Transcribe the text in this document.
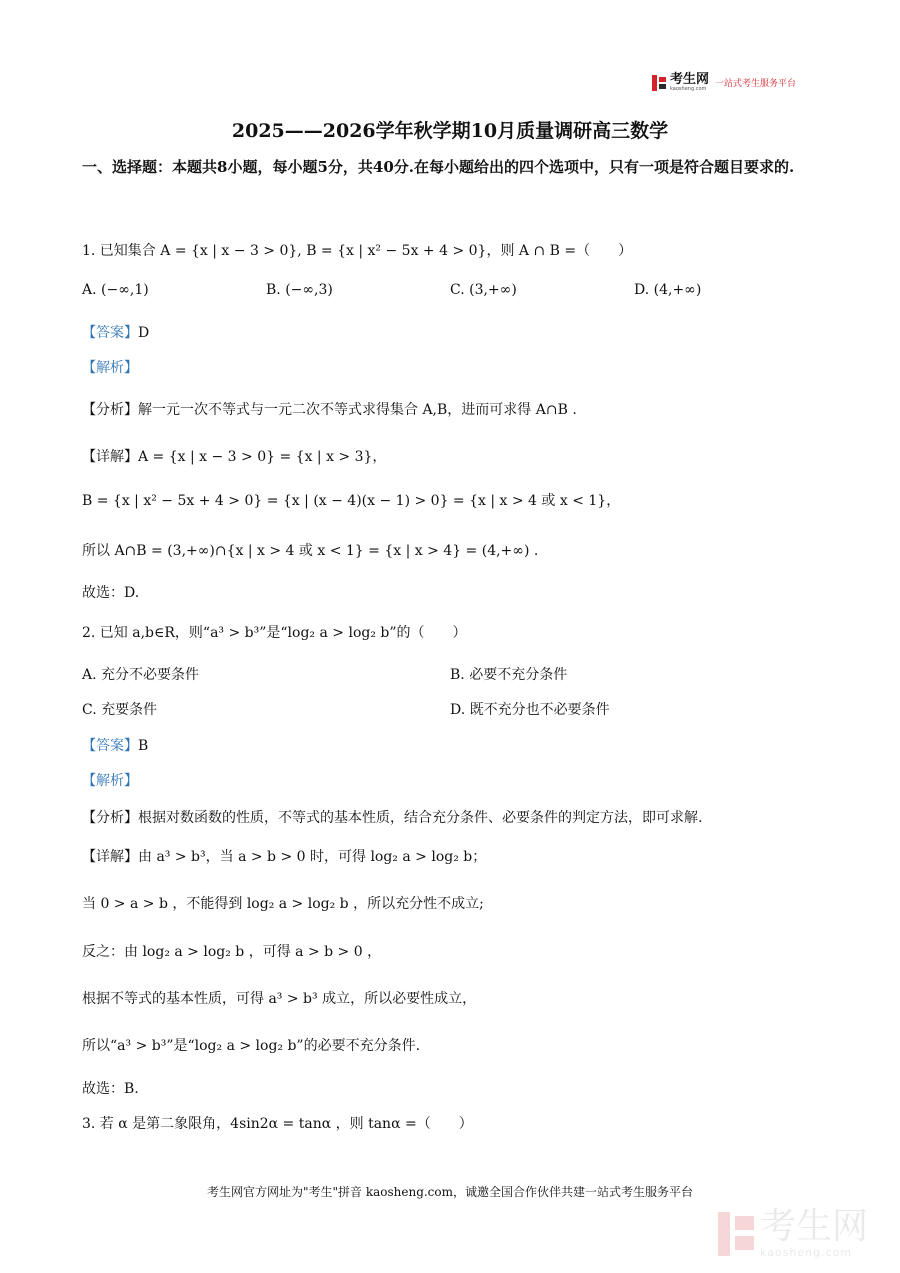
考生网
kaosheng.com 一站式考生服务平台
2025——2026学年秋学期10月质量调研高三数学
一、选择题：本题共8小题，每小题5分，共40分.在每小题给出的四个选项中，只有一项是符合题目要求的.
1. 已知集合 A = {x | x − 3 > 0}, B = {x | x² − 5x + 4 > 0}，则 A ∩ B =（　　）
A. (−∞,1)	B. (−∞,3)	C. (3,+∞)	D. (4,+∞)
【答案】D
【解析】
【分析】解一元一次不等式与一元二次不等式求得集合 A,B，进而可求得 A∩B .
【详解】A = {x | x − 3 > 0} = {x | x > 3}，
B = {x | x² − 5x + 4 > 0} = {x | (x − 4)(x − 1) > 0} = {x | x > 4 或 x < 1}，
所以 A∩B = (3,+∞)∩{x | x > 4 或 x < 1} = {x | x > 4} = (4,+∞) .
故选：D.
2. 已知 a,b∈R，则“a³ > b³”是“log₂ a > log₂ b”的（　　）
A. 充分不必要条件	B. 必要不充分条件
C. 充要条件	D. 既不充分也不必要条件
【答案】B
【解析】
【分析】根据对数函数的性质，不等式的基本性质，结合充分条件、必要条件的判定方法，即可求解.
【详解】由 a³ > b³，当 a > b > 0 时，可得 log₂ a > log₂ b；
当 0 > a > b ，不能得到 log₂ a > log₂ b ，所以充分性不成立;
反之：由 log₂ a > log₂ b ，可得 a > b > 0 ，
根据不等式的基本性质，可得 a³ > b³ 成立，所以必要性成立，
所以“a³ > b³”是“log₂ a > log₂ b”的必要不充分条件.
故选：B.
3. 若 α 是第二象限角，4sin2α = tanα ，则 tanα =（　　）
考生网官方网址为"考生"拼音 kaosheng.com，诚邀全国合作伙伴共建一站式考生服务平台
考生网
kaosheng.com
